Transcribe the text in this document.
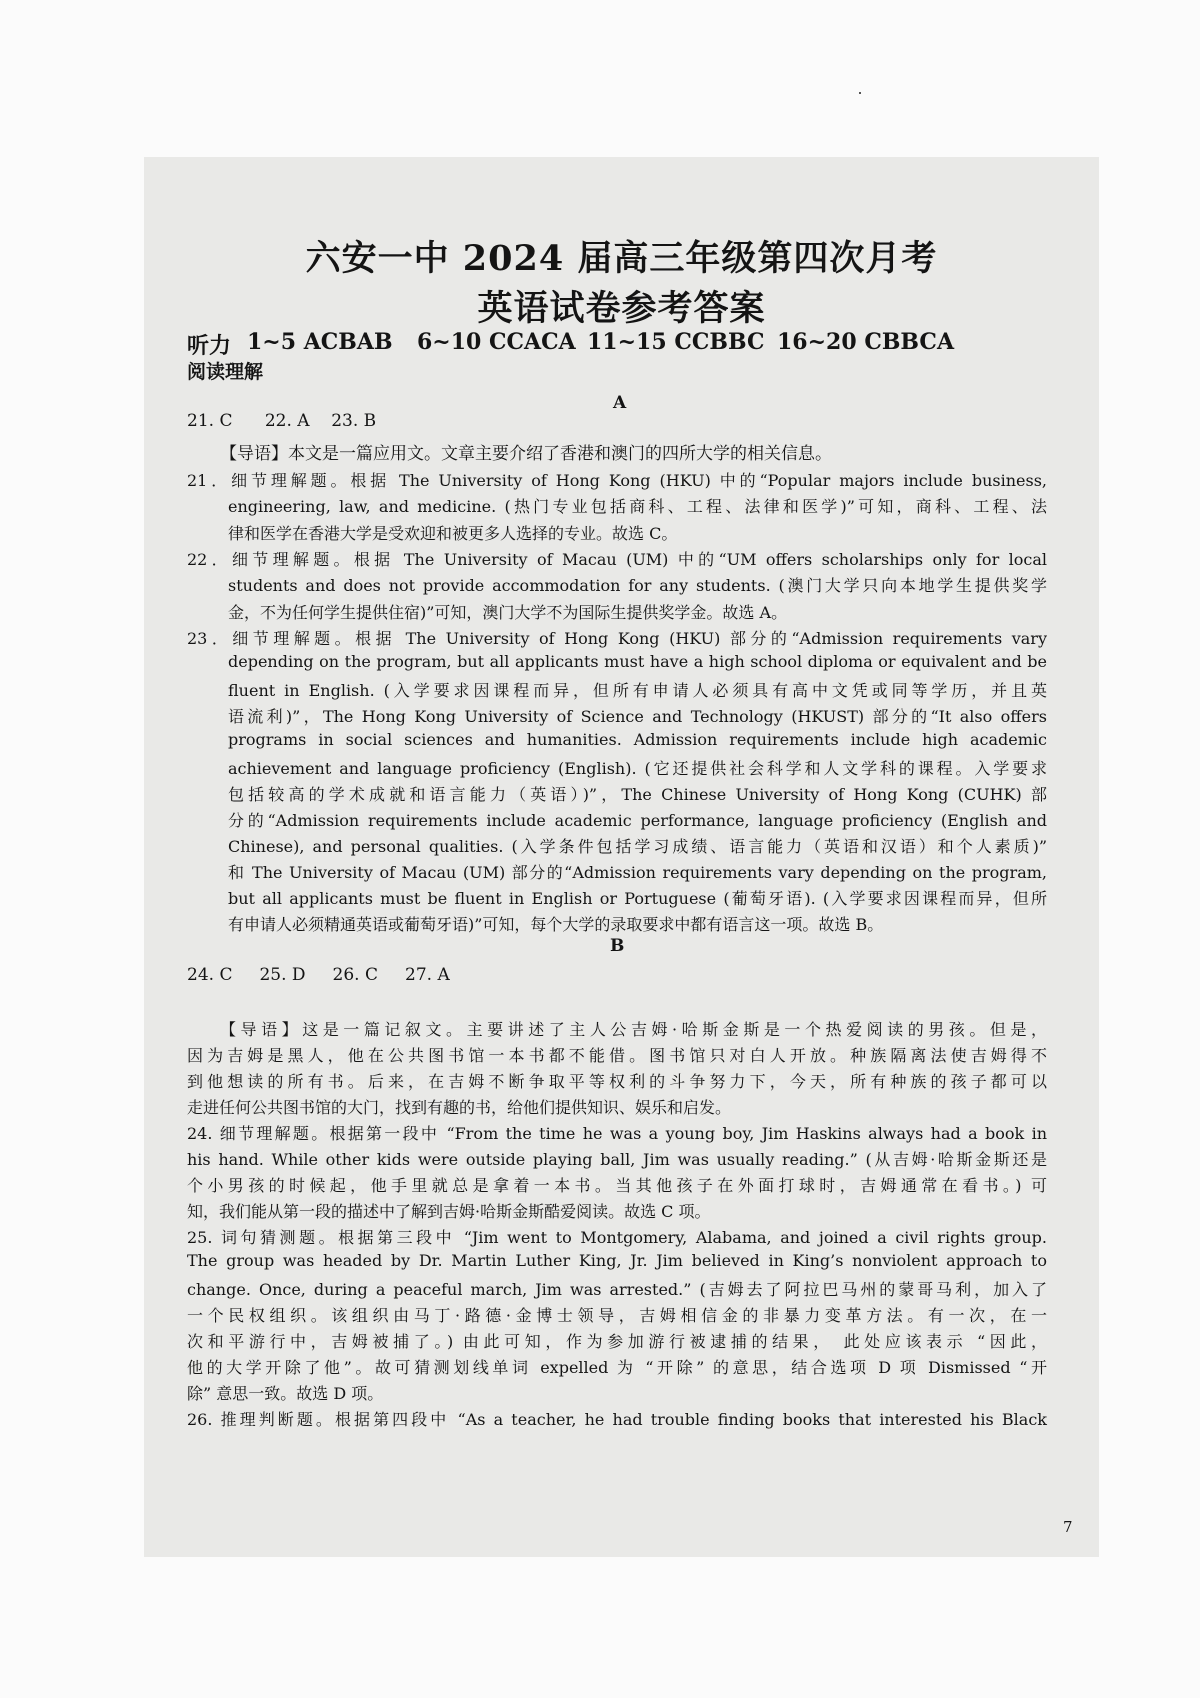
六安一中 2024 届高三年级第四次月考
英语试卷参考答案
听力 1~5 ACBAB 6~10 CCACA 11~15 CCBBC 16~20 CBBCA
阅读理解
A
21. C      22. A    23. B
【导语】本文是一篇应用文。文章主要介绍了香港和澳门的四所大学的相关信息。
21．细节理解题。根据 The University of Hong Kong (HKU) 中的“Popular majors include business,
engineering, law, and medicine. (热门专业包括商科、工程、法律和医学)”可知，商科、工程、法
律和医学在香港大学是受欢迎和被更多人选择的专业。故选 C。
22．细节理解题。根据 The University of Macau (UM) 中的“UM offers scholarships only for local
students and does not provide accommodation for any students. (澳门大学只向本地学生提供奖学
金，不为任何学生提供住宿)”可知，澳门大学不为国际生提供奖学金。故选 A。
23．细节理解题。根据 The University of Hong Kong (HKU) 部分的“Admission requirements vary
depending on the program, but all applicants must have a high school diploma or equivalent and be
fluent in English. (入学要求因课程而异，但所有申请人必须具有高中文凭或同等学历，并且英
语流利)”，The Hong Kong University of Science and Technology (HKUST) 部分的“It also offers
programs in social sciences and humanities. Admission requirements include high academic
achievement and language proficiency (English). (它还提供社会科学和人文学科的课程。入学要求
包括较高的学术成就和语言能力（英语）)”，The Chinese University of Hong Kong (CUHK) 部
分的“Admission requirements include academic performance, language proficiency (English and
Chinese), and personal qualities. (入学条件包括学习成绩、语言能力（英语和汉语）和个人素质)”
和 The University of Macau (UM) 部分的“Admission requirements vary depending on the program,
but all applicants must be fluent in English or Portuguese (葡萄牙语). (入学要求因课程而异，但所
有申请人必须精通英语或葡萄牙语)”可知，每个大学的录取要求中都有语言这一项。故选 B。
B
24. C     25. D     26. C     27. A
【导语】这是一篇记叙文。主要讲述了主人公吉姆·哈斯金斯是一个热爱阅读的男孩。但是，
因为吉姆是黑人，他在公共图书馆一本书都不能借。图书馆只对白人开放。种族隔离法使吉姆得不
到他想读的所有书。后来，在吉姆不断争取平等权利的斗争努力下，今天，所有种族的孩子都可以
走进任何公共图书馆的大门，找到有趣的书，给他们提供知识、娱乐和启发。
24. 细节理解题。根据第一段中 “From the time he was a young boy, Jim Haskins always had a book in
his hand. While other kids were outside playing ball, Jim was usually reading.” (从吉姆·哈斯金斯还是
个小男孩的时候起，他手里就总是拿着一本书。当其他孩子在外面打球时，吉姆通常在看书。) 可
知，我们能从第一段的描述中了解到吉姆·哈斯金斯酷爱阅读。故选 C 项。
25. 词句猜测题。根据第三段中 “Jim went to Montgomery, Alabama, and joined a civil rights group.
The group was headed by Dr. Martin Luther King, Jr. Jim believed in King’s nonviolent approach to
change. Once, during a peaceful march, Jim was arrested.” (吉姆去了阿拉巴马州的蒙哥马利，加入了
一个民权组织。该组织由马丁·路德·金博士领导，吉姆相信金的非暴力变革方法。有一次，在一
次和平游行中，吉姆被捕了。) 由此可知，作为参加游行被逮捕的结果， 此处应该表示 “因此，
他的大学开除了他”。故可猜测划线单词 expelled 为 “开除” 的意思，结合选项 D 项 Dismissed “开
除” 意思一致。故选 D 项。
26. 推理判断题。根据第四段中 “As a teacher, he had trouble finding books that interested his Black
7
